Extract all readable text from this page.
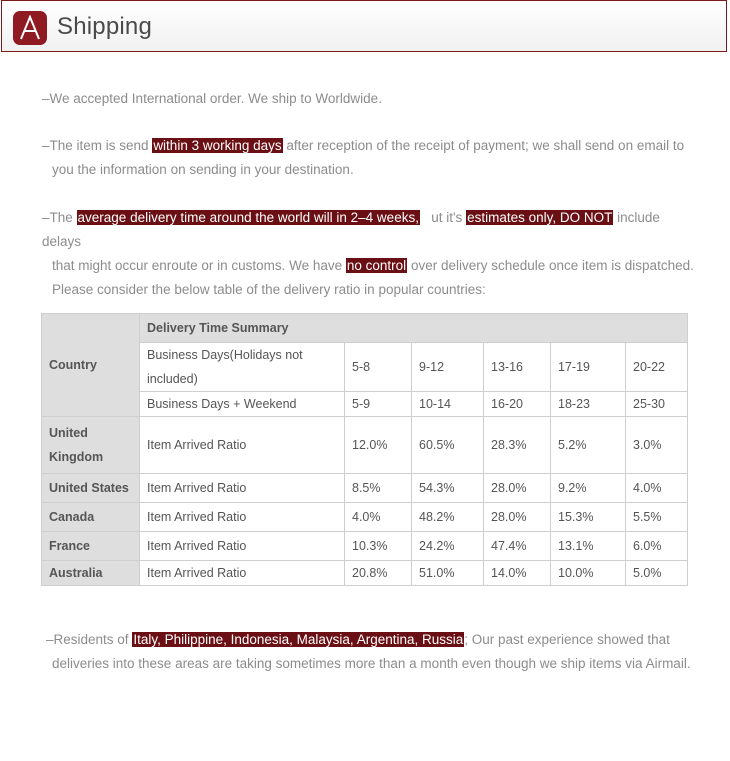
Shipping
–We accepted International order. We ship to Worldwide.
–The item is send within 3 working days after reception of the receipt of payment; we shall send on email to
you the information on sending in your destination.
–The average delivery time around the world will in 2–4 weeks,   ut it's estimates only, DO NOT include delays
that might occur enroute or in customs. We have no control over delivery schedule once item is dispatched.
Please consider the below table of the delivery ratio in popular countries:
Country	Delivery Time Summary					
	Business Days(Holidays not included)	5-8	9-12	13-16	17-19	20-22
	Business Days + Weekend	5-9	10-14	16-20	18-23	25-30
United Kingdom	Item Arrived Ratio	12.0%	60.5%	28.3%	5.2%	3.0%
United States	Item Arrived Ratio	8.5%	54.3%	28.0%	9.2%	4.0%
Canada	Item Arrived Ratio	4.0%	48.2%	28.0%	15.3%	5.5%
France	Item Arrived Ratio	10.3%	24.2%	47.4%	13.1%	6.0%
Australia	Item Arrived Ratio	20.8%	51.0%	14.0%	10.0%	5.0%
–Residents of Italy, Philippine, Indonesia, Malaysia, Argentina, Russia; Our past experience showed that
deliveries into these areas are taking sometimes more than a month even though we ship items via Airmail.
